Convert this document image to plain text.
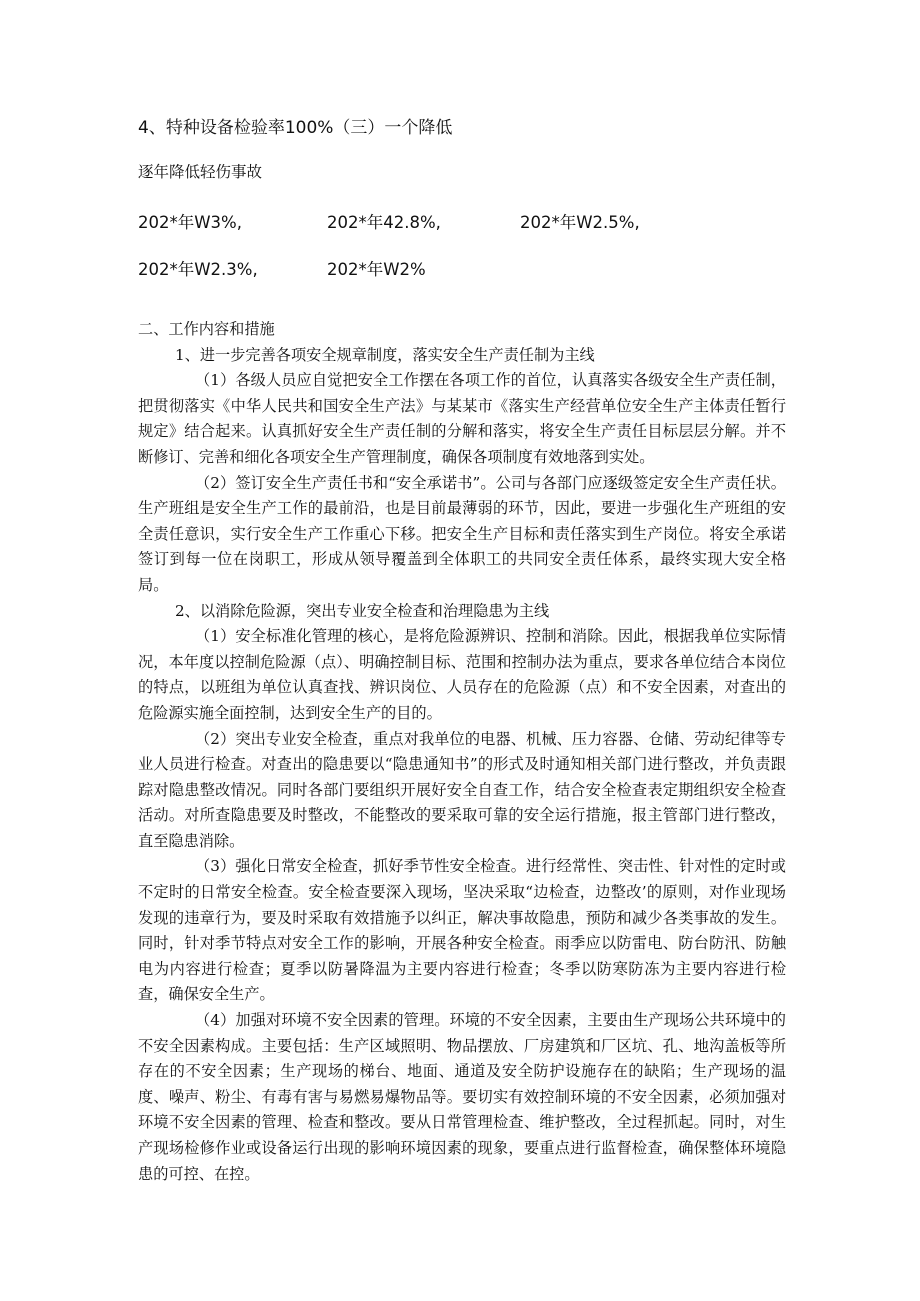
4、特种设备检验率100%（三）一个降低
逐年降低轻伤事故
202*年W3%,	202*年42.8%,	202*年W2.5%,
202*年W2.3%,	202*年W2%

二、工作内容和措施

1、进一步完善各项安全规章制度，落实安全生产责任制为主线

（1）各级人员应自觉把安全工作摆在各项工作的首位，认真落实各级安全生产责任制，把贯彻落实《中华人民共和国安全生产法》与某某市《落实生产经营单位安全生产主体责任暂行规定》结合起来。认真抓好安全生产责任制的分解和落实，将安全生产责任目标层层分解。并不断修订、完善和细化各项安全生产管理制度，确保各项制度有效地落到实处。

（2）签订安全生产责任书和“安全承诺书”。公司与各部门应逐级签定安全生产责任状。生产班组是安全生产工作的最前沿，也是目前最薄弱的环节，因此，要进一步强化生产班组的安全责任意识，实行安全生产工作重心下移。把安全生产目标和责任落实到生产岗位。将安全承诺签订到每一位在岗职工，形成从领导覆盖到全体职工的共同安全责任体系，最终实现大安全格局。

2、以消除危险源，突出专业安全检查和治理隐患为主线

（1）安全标准化管理的核心，是将危险源辨识、控制和消除。因此，根据我单位实际情况，本年度以控制危险源（点）、明确控制目标、范围和控制办法为重点，要求各单位结合本岗位的特点，以班组为单位认真查找、辨识岗位、人员存在的危险源（点）和不安全因素，对查出的危险源实施全面控制，达到安全生产的目的。

（2）突出专业安全检查，重点对我单位的电器、机械、压力容器、仓储、劳动纪律等专业人员进行检查。对查出的隐患要以“隐患通知书”的形式及时通知相关部门进行整改，并负责跟踪对隐患整改情况。同时各部门要组织开展好安全自查工作，结合安全检查表定期组织安全检查活动。对所查隐患要及时整改，不能整改的要采取可靠的安全运行措施，报主管部门进行整改，直至隐患消除。

（3）强化日常安全检查，抓好季节性安全检查。进行经常性、突击性、针对性的定时或不定时的日常安全检查。安全检查要深入现场，坚决采取“边检查，边整改’的原则，对作业现场发现的违章行为，要及时采取有效措施予以纠正，解决事故隐患，预防和减少各类事故的发生。同时，针对季节特点对安全工作的影响，开展各种安全检查。雨季应以防雷电、防台防汛、防触电为内容进行检查；夏季以防暑降温为主要内容进行检查；冬季以防寒防冻为主要内容进行检查，确保安全生产。

（4）加强对环境不安全因素的管理。环境的不安全因素，主要由生产现场公共环境中的不安全因素构成。主要包括：生产区域照明、物品摆放、厂房建筑和厂区坑、孔、地沟盖板等所存在的不安全因素；生产现场的梯台、地面、通道及安全防护设施存在的缺陷；生产现场的温度、噪声、粉尘、有毒有害与易燃易爆物品等。要切实有效控制环境的不安全因素，必须加强对环境不安全因素的管理、检查和整改。要从日常管理检查、维护整改，全过程抓起。同时，对生产现场检修作业或设备运行出现的影响环境因素的现象，要重点进行监督检查，确保整体环境隐患的可控、在控。
